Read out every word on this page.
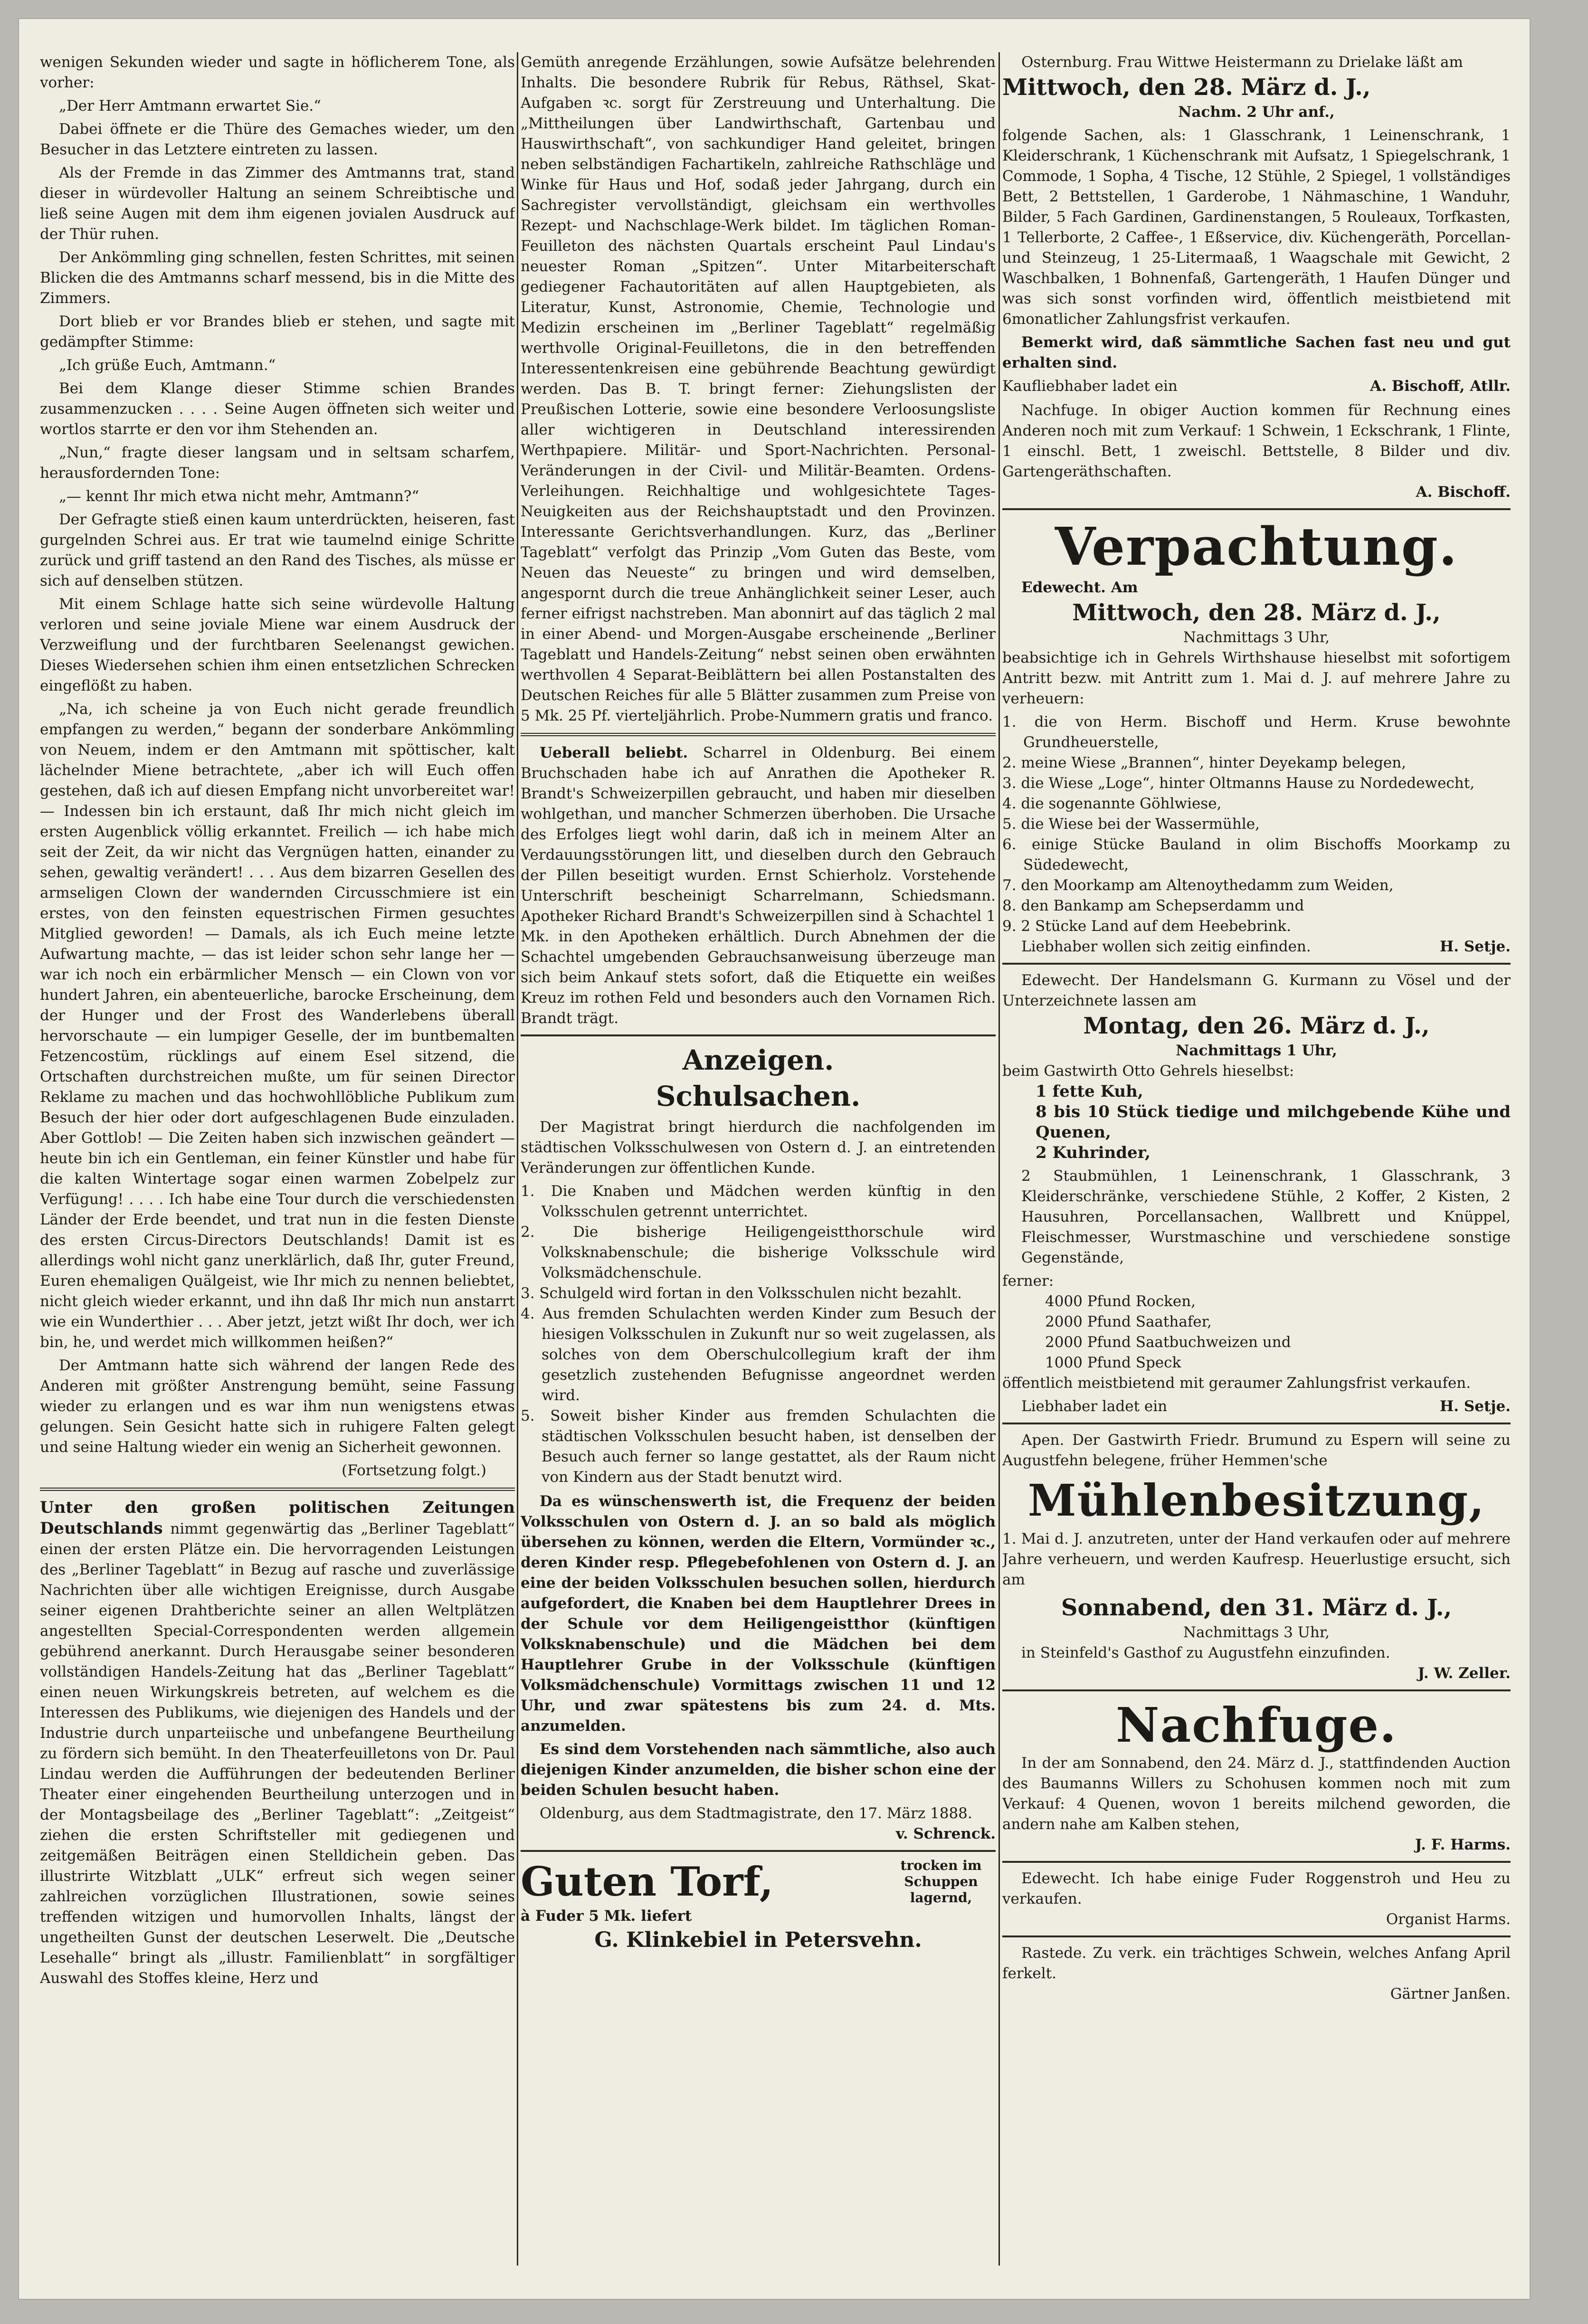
wenigen Sekunden wieder und sagte in höflicherem Tone, als vorher:

„Der Herr Amtmann erwartet Sie.“

Dabei öffnete er die Thüre des Gemaches wieder, um den Besucher in das Letztere eintreten zu lassen.

Als der Fremde in das Zimmer des Amtmanns trat, stand dieser in würdevoller Haltung an seinem Schreibtische und ließ seine Augen mit dem ihm eigenen jovialen Ausdruck auf der Thür ruhen.

Der Ankömmling ging schnellen, festen Schrittes, mit seinen Blicken die des Amtmanns scharf messend, bis in die Mitte des Zimmers.

Dort blieb er vor Brandes blieb er stehen, und sagte mit gedämpfter Stimme:

„Ich grüße Euch, Amtmann.“

Bei dem Klange dieser Stimme schien Brandes zusammenzucken . . . . Seine Augen öffneten sich weiter und wortlos starrte er den vor ihm Stehenden an.

„Nun,“ fragte dieser langsam und in seltsam scharfem, herausfordernden Tone:

„— kennt Ihr mich etwa nicht mehr, Amtmann?“

Der Gefragte stieß einen kaum unterdrückten, heiseren, fast gurgelnden Schrei aus. Er trat wie taumelnd einige Schritte zurück und griff tastend an den Rand des Tisches, als müsse er sich auf denselben stützen.

Mit einem Schlage hatte sich seine würdevolle Haltung verloren und seine joviale Miene war einem Ausdruck der Verzweiflung und der furchtbaren Seelenangst gewichen. Dieses Wiedersehen schien ihm einen entsetzlichen Schrecken eingeflößt zu haben.

„Na, ich scheine ja von Euch nicht gerade freundlich empfangen zu werden,“ begann der sonderbare Ankömmling von Neuem, indem er den Amtmann mit spöttischer, kalt lächelnder Miene betrachtete, „aber ich will Euch offen gestehen, daß ich auf diesen Empfang nicht unvorbereitet war! — Indessen bin ich erstaunt, daß Ihr mich nicht gleich im ersten Augenblick völlig erkanntet. Freilich — ich habe mich seit der Zeit, da wir nicht das Vergnügen hatten, einander zu sehen, gewaltig verändert! . . . Aus dem bizarren Gesellen des armseligen Clown der wandernden Circusschmiere ist ein erstes, von den feinsten equestrischen Firmen gesuchtes Mitglied geworden! — Damals, als ich Euch meine letzte Aufwartung machte, — das ist leider schon sehr lange her — war ich noch ein erbärmlicher Mensch — ein Clown von vor hundert Jahren, ein abenteuerliche, barocke Erscheinung, dem der Hunger und der Frost des Wanderlebens überall hervorschaute — ein lumpiger Geselle, der im buntbemalten Fetzencostüm, rücklings auf einem Esel sitzend, die Ortschaften durchstreichen mußte, um für seinen Director Reklame zu machen und das hochwohllöbliche Publikum zum Besuch der hier oder dort aufgeschlagenen Bude einzuladen. Aber Gottlob! — Die Zeiten haben sich inzwischen geändert — heute bin ich ein Gentleman, ein feiner Künstler und habe für die kalten Wintertage sogar einen warmen Zobelpelz zur Verfügung! . . . . Ich habe eine Tour durch die verschiedensten Länder der Erde beendet, und trat nun in die festen Dienste des ersten Circus-Directors Deutschlands! Damit ist es allerdings wohl nicht ganz unerklärlich, daß Ihr, guter Freund, Euren ehemaligen Quälgeist, wie Ihr mich zu nennen beliebtet, nicht gleich wieder erkannt, und ihn daß Ihr mich nun anstarrt wie ein Wunderthier . . . Aber jetzt, jetzt wißt Ihr doch, wer ich bin, he, und werdet mich willkommen heißen?“

Der Amtmann hatte sich während der langen Rede des Anderen mit größter Anstrengung bemüht, seine Fassung wieder zu erlangen und es war ihm nun wenigstens etwas gelungen. Sein Gesicht hatte sich in ruhigere Falten gelegt und seine Haltung wieder ein wenig an Sicherheit gewonnen.

(Fortsetzung folgt.)

Unter den großen politischen Zeitungen Deutschlands nimmt gegenwärtig das „Berliner Tageblatt“ einen der ersten Plätze ein. Die hervorragenden Leistungen des „Berliner Tageblatt“ in Bezug auf rasche und zuverlässige Nachrichten über alle wichtigen Ereignisse, durch Ausgabe seiner eigenen Drahtberichte seiner an allen Weltplätzen angestellten Special-Correspondenten werden allgemein gebührend anerkannt. Durch Herausgabe seiner besonderen vollständigen Handels-Zeitung hat das „Berliner Tageblatt“ einen neuen Wirkungskreis betreten, auf welchem es die Interessen des Publikums, wie diejenigen des Handels und der Industrie durch unparteiische und unbefangene Beurtheilung zu fördern sich bemüht. In den Theaterfeuilletons von Dr. Paul Lindau werden die Aufführungen der bedeutenden Berliner Theater einer eingehenden Beurtheilung unterzogen und in der Montagsbeilage des „Berliner Tageblatt“: „Zeitgeist“ ziehen die ersten Schriftsteller mit gediegenen und zeitgemäßen Beiträgen einen Stelldichein geben. Das illustrirte Witzblatt „ULK“ erfreut sich wegen seiner zahlreichen vorzüglichen Illustrationen, sowie seines treffenden witzigen und humorvollen Inhalts, längst der ungetheilten Gunst der deutschen Leserwelt. Die „Deutsche Lesehalle“ bringt als „illustr. Familienblatt“ in sorgfältiger Auswahl des Stoffes kleine, Herz und

Gemüth anregende Erzählungen, sowie Aufsätze belehrenden Inhalts. Die besondere Rubrik für Rebus, Räthsel, Skat-Aufgaben ꝛc. sorgt für Zerstreuung und Unterhaltung. Die „Mittheilungen über Landwirthschaft, Gartenbau und Hauswirthschaft“, von sachkundiger Hand geleitet, bringen neben selbständigen Fachartikeln, zahlreiche Rathschläge und Winke für Haus und Hof, sodaß jeder Jahrgang, durch ein Sachregister vervollständigt, gleichsam ein werthvolles Rezept- und Nachschlage-Werk bildet. Im täglichen Roman-Feuilleton des nächsten Quartals erscheint Paul Lindau's neuester Roman „Spitzen“. Unter Mitarbeiterschaft gediegener Fachautoritäten auf allen Hauptgebieten, als Literatur, Kunst, Astronomie, Chemie, Technologie und Medizin erscheinen im „Berliner Tageblatt“ regelmäßig werthvolle Original-Feuilletons, die in den betreffenden Interessentenkreisen eine gebührende Beachtung gewürdigt werden. Das B. T. bringt ferner: Ziehungslisten der Preußischen Lotterie, sowie eine besondere Verloosungsliste aller wichtigeren in Deutschland interessirenden Werthpapiere. Militär- und Sport-Nachrichten. Personal-Veränderungen in der Civil- und Militär-Beamten. Ordens-Verleihungen. Reichhaltige und wohlgesichtete Tages-Neuigkeiten aus der Reichshauptstadt und den Provinzen. Interessante Gerichtsverhandlungen. Kurz, das „Berliner Tageblatt“ verfolgt das Prinzip „Vom Guten das Beste, vom Neuen das Neueste“ zu bringen und wird demselben, angespornt durch die treue Anhänglichkeit seiner Leser, auch ferner eifrigst nachstreben. Man abonnirt auf das täglich 2 mal in einer Abend- und Morgen-Ausgabe erscheinende „Berliner Tageblatt und Handels-Zeitung“ nebst seinen oben erwähnten werthvollen 4 Separat-Beiblättern bei allen Postanstalten des Deutschen Reiches für alle 5 Blätter zusammen zum Preise von 5 Mk. 25 Pf. vierteljährlich. Probe-Nummern gratis und franco.

Ueberall beliebt. Scharrel in Oldenburg. Bei einem Bruchschaden habe ich auf Anrathen die Apotheker R. Brandt's Schweizerpillen gebraucht, und haben mir dieselben wohlgethan, und mancher Schmerzen überhoben. Die Ursache des Erfolges liegt wohl darin, daß ich in meinem Alter an Verdauungsstörungen litt, und dieselben durch den Gebrauch der Pillen beseitigt wurden. Ernst Schierholz. Vorstehende Unterschrift bescheinigt Scharrelmann, Schiedsmann. Apotheker Richard Brandt's Schweizerpillen sind à Schachtel 1 Mk. in den Apotheken erhältlich. Durch Abnehmen der die Schachtel umgebenden Gebrauchsanweisung überzeuge man sich beim Ankauf stets sofort, daß die Etiquette ein weißes Kreuz im rothen Feld und besonders auch den Vornamen Rich. Brandt trägt.

Anzeigen.
Schulsachen.

Der Magistrat bringt hierdurch die nachfolgenden im städtischen Volksschulwesen von Ostern d. J. an eintretenden Veränderungen zur öffentlichen Kunde.

1. Die Knaben und Mädchen werden künftig in den Volksschulen getrennt unterrichtet.

2. Die bisherige Heiligengeistthorschule wird Volksknabenschule; die bisherige Volksschule wird Volksmädchenschule.

3. Schulgeld wird fortan in den Volksschulen nicht bezahlt.

4. Aus fremden Schulachten werden Kinder zum Besuch der hiesigen Volksschulen in Zukunft nur so weit zugelassen, als solches von dem Oberschulcollegium kraft der ihm gesetzlich zustehenden Befugnisse angeordnet werden wird.

5. Soweit bisher Kinder aus fremden Schulachten die städtischen Volksschulen besucht haben, ist denselben der Besuch auch ferner so lange gestattet, als der Raum nicht von Kindern aus der Stadt benutzt wird.

Da es wünschenswerth ist, die Frequenz der beiden Volksschulen von Ostern d. J. an so bald als möglich übersehen zu können, werden die Eltern, Vormünder ꝛc., deren Kinder resp. Pflegebefohlenen von Ostern d. J. an eine der beiden Volksschulen besuchen sollen, hierdurch aufgefordert, die Knaben bei dem Hauptlehrer Drees in der Schule vor dem Heiligengeistthor (künftigen Volksknabenschule) und die Mädchen bei dem Hauptlehrer Grube in der Volksschule (künftigen Volksmädchenschule) Vormittags zwischen 11 und 12 Uhr, und zwar spätestens bis zum 24. d. Mts. anzumelden.

Es sind dem Vorstehenden nach sämmtliche, also auch diejenigen Kinder anzumelden, die bisher schon eine der beiden Schulen besucht haben.

Oldenburg, aus dem Stadtmagistrate, den 17. März 1888.

v. Schrenck.

Guten Torf,	trocken im Schuppen lagernd,

à Fuder 5 Mk. liefert

G. Klinkebiel in Petersvehn.

Osternburg. Frau Wittwe Heistermann zu Drielake läßt am

Mittwoch, den 28. März d. J.,

Nachm. 2 Uhr anf.,

folgende Sachen, als: 1 Glasschrank, 1 Leinenschrank, 1 Kleiderschrank, 1 Küchenschrank mit Aufsatz, 1 Spiegelschrank, 1 Commode, 1 Sopha, 4 Tische, 12 Stühle, 2 Spiegel, 1 vollständiges Bett, 2 Bettstellen, 1 Garderobe, 1 Nähmaschine, 1 Wanduhr, Bilder, 5 Fach Gardinen, Gardinenstangen, 5 Rouleaux, Torfkasten, 1 Tellerborte, 2 Caffee-, 1 Eßservice, div. Küchengeräth, Porcellan- und Steinzeug, 1 25-Litermaaß, 1 Waagschale mit Gewicht, 2 Waschbalken, 1 Bohnenfaß, Gartengeräth, 1 Haufen Dünger und was sich sonst vorfinden wird, öffentlich meistbietend mit 6monatlicher Zahlungsfrist verkaufen.

Bemerkt wird, daß sämmtliche Sachen fast neu und gut erhalten sind.

Kaufliebhaber ladet ein	A. Bischoff, Atllr.

Nachfuge. In obiger Auction kommen für Rechnung eines Anderen noch mit zum Verkauf: 1 Schwein, 1 Eckschrank, 1 Flinte, 1 einschl. Bett, 1 zweischl. Bettstelle, 8 Bilder und div. Gartengeräthschaften.

A. Bischoff.

Verpachtung.

Edewecht. Am

Mittwoch, den 28. März d. J.,

Nachmittags 3 Uhr,

beabsichtige ich in Gehrels Wirthshause hieselbst mit sofortigem Antritt bezw. mit Antritt zum 1. Mai d. J. auf mehrere Jahre zu verheuern:

1. die von Herm. Bischoff und Herm. Kruse bewohnte Grundheuerstelle,

2. meine Wiese „Brannen“, hinter Deyekamp belegen,

3. die Wiese „Loge“, hinter Oltmanns Hause zu Nordedewecht,

4. die sogenannte Göhlwiese,

5. die Wiese bei der Wassermühle,

6. einige Stücke Bauland in olim Bischoffs Moorkamp zu Südedewecht,

7. den Moorkamp am Altenoythedamm zum Weiden,

8. den Bankamp am Schepserdamm und

9. 2 Stücke Land auf dem Heebebrink.

Liebhaber wollen sich zeitig einfinden.	H. Setje.

Edewecht. Der Handelsmann G. Kurmann zu Vösel und der Unterzeichnete lassen am

Montag, den 26. März d. J.,

Nachmittags 1 Uhr,

beim Gastwirth Otto Gehrels hieselbst:

1 fette Kuh,

8 bis 10 Stück tiedige und milchgebende Kühe und Quenen,

2 Kuhrinder,

2 Staubmühlen, 1 Leinenschrank, 1 Glasschrank, 3 Kleiderschränke, verschiedene Stühle, 2 Koffer, 2 Kisten, 2 Hausuhren, Porcellansachen, Wallbrett und Knüppel, Fleischmesser, Wurstmaschine und verschiedene sonstige Gegenstände,

ferner:

4000 Pfund Rocken,

2000 Pfund Saathafer,

2000 Pfund Saatbuchweizen und

1000 Pfund Speck

öffentlich meistbietend mit geraumer Zahlungsfrist verkaufen.

Liebhaber ladet ein	H. Setje.

Apen. Der Gastwirth Friedr. Brumund zu Espern will seine zu Augustfehn belegene, früher Hemmen'sche

Mühlenbesitzung,

1. Mai d. J. anzutreten, unter der Hand verkaufen oder auf mehrere Jahre verheuern, und werden Kaufresp. Heuerlustige ersucht, sich am

Sonnabend, den 31. März d. J.,

Nachmittags 3 Uhr,

in Steinfeld's Gasthof zu Augustfehn einzufinden.

J. W. Zeller.

Nachfuge.

In der am Sonnabend, den 24. März d. J., stattfindenden Auction des Baumanns Willers zu Schohusen kommen noch mit zum Verkauf: 4 Quenen, wovon 1 bereits milchend geworden, die andern nahe am Kalben stehen,

J. F. Harms.

Edewecht. Ich habe einige Fuder Roggenstroh und Heu zu verkaufen.

Organist Harms.

Rastede. Zu verk. ein trächtiges Schwein, welches Anfang April ferkelt.

Gärtner Janßen.
